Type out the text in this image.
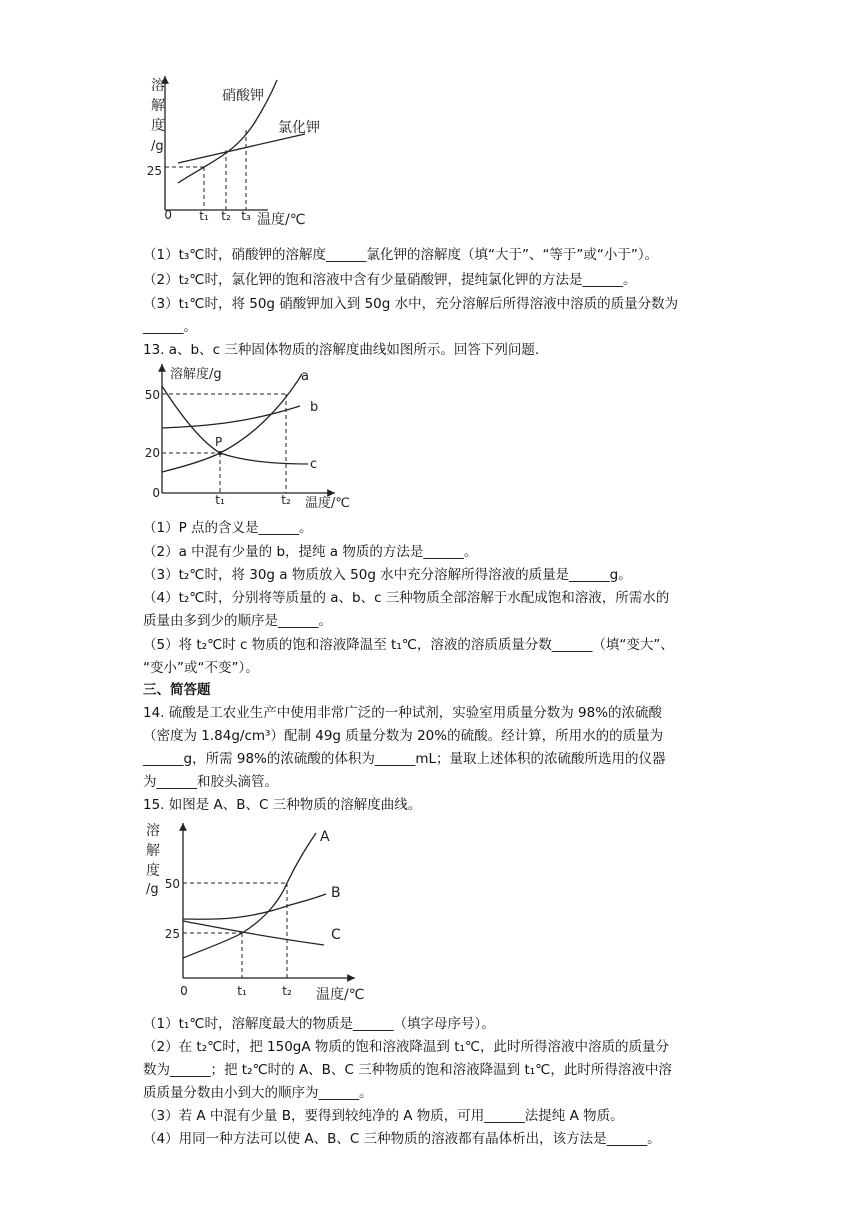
溶
解
度
/g
25
0
硝酸钾
氯化钾
t₁ t₂ t₃ 温度/℃
（1）t₃℃时，硝酸钾的溶解度______氯化钾的溶解度（填“大于”、“等于”或“小于”）。
（2）t₂℃时，氯化钾的饱和溶液中含有少量硝酸钾，提纯氯化钾的方法是______。
（3）t₁℃时，将 50g 硝酸钾加入到 50g 水中，充分溶解后所得溶液中溶质的质量分数为
______。
13. a、b、c 三种固体物质的溶解度曲线如图所示。回答下列问题.
溶解度/g
50
20
0
P
a
b
c
t₁	t₂ 温度/℃
（1）P 点的含义是______。
（2）a 中混有少量的 b，提纯 a 物质的方法是______。
（3）t₂℃时，将 30g a 物质放入 50g 水中充分溶解所得溶液的质量是______g。
（4）t₂℃时，分别将等质量的 a、b、c 三种物质全部溶解于水配成饱和溶液，所需水的
质量由多到少的顺序是______。
（5）将 t₂℃时 c 物质的饱和溶液降温至 t₁℃，溶液的溶质质量分数______（填“变大”、
“变小”或“不变”）。
三、简答题
14. 硫酸是工农业生产中使用非常广泛的一种试剂，实验室用质量分数为 98%的浓硫酸
（密度为 1.84g/cm³）配制 49g 质量分数为 20%的硫酸。经计算，所用水的的质量为
______g，所需 98%的浓硫酸的体积为______mL；量取上述体积的浓硫酸所选用的仪器
为______和胶头滴管。
15. 如图是 A、B、C 三种物质的溶解度曲线。
溶
解
度
/g 50
25
0
A
B
C
t₁	t₂ 温度/℃
（1）t₁℃时，溶解度最大的物质是______（填字母序号）。
（2）在 t₂℃时，把 150gA 物质的饱和溶液降温到 t₁℃，此时所得溶液中溶质的质量分
数为______；把 t₂℃时的 A、B、C 三种物质的饱和溶液降温到 t₁℃，此时所得溶液中溶
质质量分数由小到大的顺序为______。
（3）若 A 中混有少量 B，要得到较纯净的 A 物质，可用______法提纯 A 物质。
（4）用同一种方法可以使 A、B、C 三种物质的溶液都有晶体析出，该方法是______。
